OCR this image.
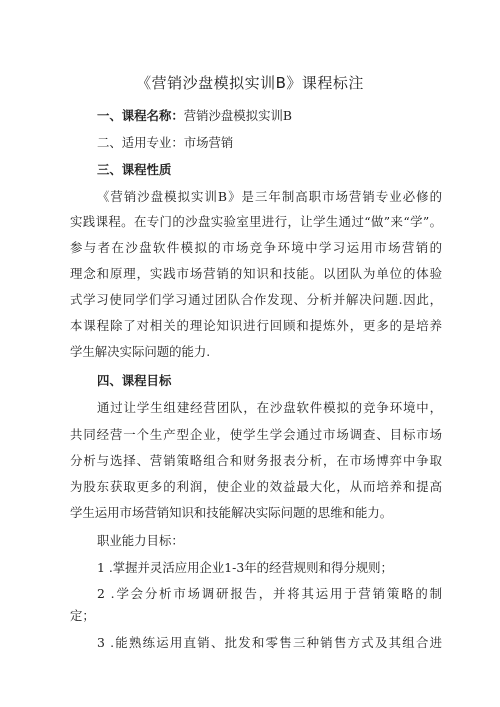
《营销沙盘模拟实训B》课程标注
一、课程名称：营销沙盘模拟实训B
二、适用专业：市场营销
三、课程性质
《营销沙盘模拟实训B》是三年制高职市场营销专业必修的
实践课程。在专门的沙盘实验室里进行，让学生通过“做”来“学”。
参与者在沙盘软件模拟的市场竞争环境中学习运用市场营销的
理念和原理，实践市场营销的知识和技能。以团队为单位的体验
式学习使同学们学习通过团队合作发现、分析并解决问题.因此，
本课程除了对相关的理论知识进行回顾和提炼外，更多的是培养
学生解决实际问题的能力.
四、课程目标
通过让学生组建经营团队，在沙盘软件模拟的竞争环境中，
共同经营一个生产型企业，使学生学会通过市场调查、目标市场
分析与选择、营销策略组合和财务报表分析，在市场博弈中争取
为股东获取更多的利润，使企业的效益最大化，从而培养和提高
学生运用市场营销知识和技能解决实际问题的思维和能力。
职业能力目标：
1 .掌握并灵活应用企业1-3年的经营规则和得分规则；
2 .学会分析市场调研报告，并将其运用于营销策略的制
定；
3 .能熟练运用直销、批发和零售三种销售方式及其组合进
